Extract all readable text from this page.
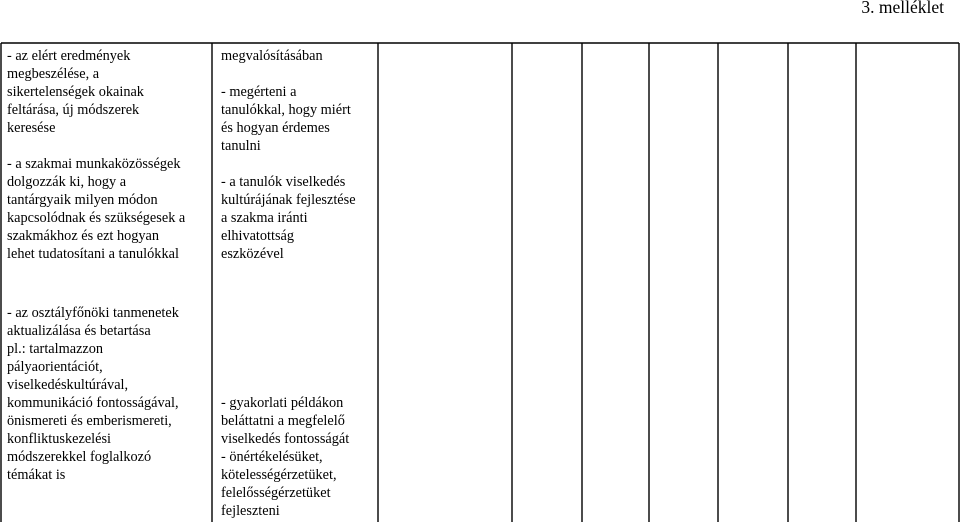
3. melléklet
- az elért eredmények
megbeszélése, a
sikertelenségek okainak
feltárása, új módszerek
keresése

- a szakmai munkaközösségek
dolgozzák ki, hogy a
tantárgyaik milyen módon
kapcsolódnak és szükségesek a
szakmákhoz és ezt hogyan
lehet tudatosítani a tanulókkal
megvalósításában

- megérteni a
tanulókkal, hogy miért
és hogyan érdemes
tanulni

- a tanulók viselkedés
kultúrájának fejlesztése
a szakma iránti
elhivatottság
eszközével
- az osztályfőnöki tanmenetek
aktualizálása és betartása
pl.: tartalmazzon
pályaorientációt,
viselkedéskultúrával,
kommunikáció fontosságával,
önismereti és emberismereti,
konfliktuskezelési
módszerekkel foglalkozó
témákat is
- gyakorlati példákon
beláttatni a megfelelő
viselkedés fontosságát
- önértékelésüket,
kötelességérzetüket,
felelősségérzetüket
fejleszteni
